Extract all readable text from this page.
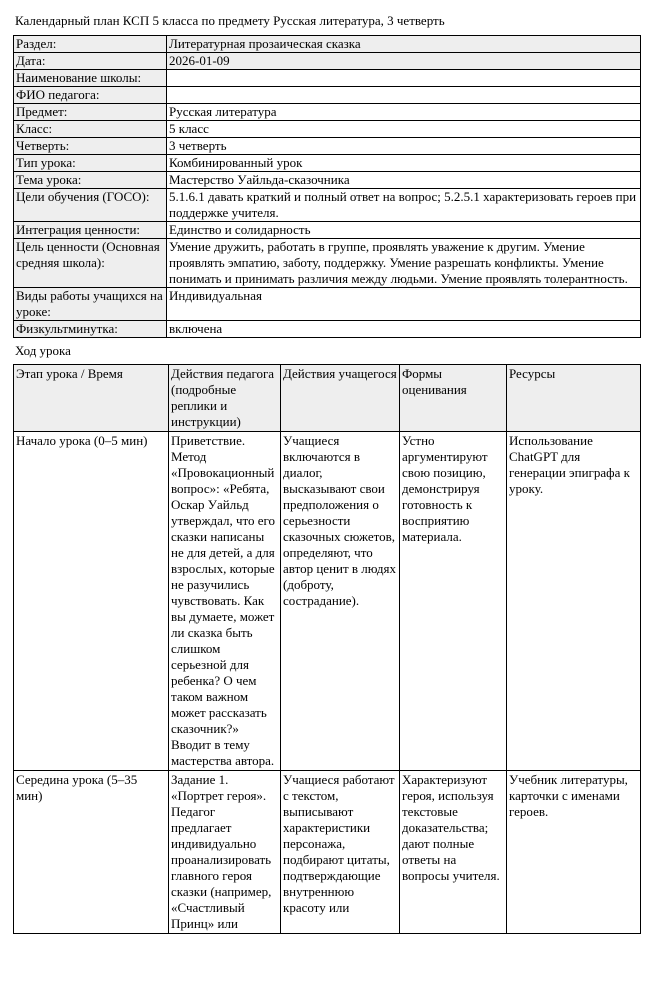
Календарный план КСП 5 класса по предмету Русская литература, 3 четверть
Раздел:	Литературная прозаическая сказка
Дата:	2026-01-09
Наименование школы:	
ФИО педагога:	
Предмет:	Русская литература
Класс:	5 класс
Четверть:	3 четверть
Тип урока:	Комбинированный урок
Тема урока:	Мастерство Уайльда-сказочника
Цели обучения (ГОСО):	5.1.6.1 давать краткий и полный ответ на вопрос; 5.2.5.1 характеризовать героев при поддержке учителя.
Интеграция ценности:	Единство и солидарность
Цель ценности (Основная средняя школа):	Умение дружить, работать в группе, проявлять уважение к другим. Умение проявлять эмпатию, заботу, поддержку. Умение разрешать конфликты. Умение понимать и принимать различия между людьми. Умение проявлять толерантность.
Виды работы учащихся на уроке:	Индивидуальная
Физкультминутка:	включена
Ход урока
Этап урока / Время	Действия педагога (подробные реплики и инструкции)	Действия учащегося	Формы оценивания	Ресурсы
Начало урока (0–5 мин)	Приветствие. Метод «Провокационный вопрос»: «Ребята, Оскар Уайльд утверждал, что его сказки написаны не для детей, а для взрослых, которые не разучились чувствовать. Как вы думаете, может ли сказка быть слишком серьезной для ребенка? О чем таком важном может рассказать сказочник?» Вводит в тему мастерства автора.	Учащиеся включаются в диалог, высказывают свои предположения о серьезности сказочных сюжетов, определяют, что автор ценит в людях (доброту, сострадание).	Устно аргументируют свою позицию, демонстрируя готовность к восприятию материала.	Использование ChatGPT для генерации эпиграфа к уроку.
Середина урока (5–35 мин)	Задание 1. «Портрет героя». Педагог предлагает индивидуально проанализировать главного героя сказки (например, «Счастливый Принц» или	Учащиеся работают с текстом, выписывают характеристики персонажа, подбирают цитаты, подтверждающие внутреннюю красоту или	Характеризуют героя, используя текстовые доказательства; дают полные ответы на вопросы учителя.	Учебник литературы, карточки с именами героев.
